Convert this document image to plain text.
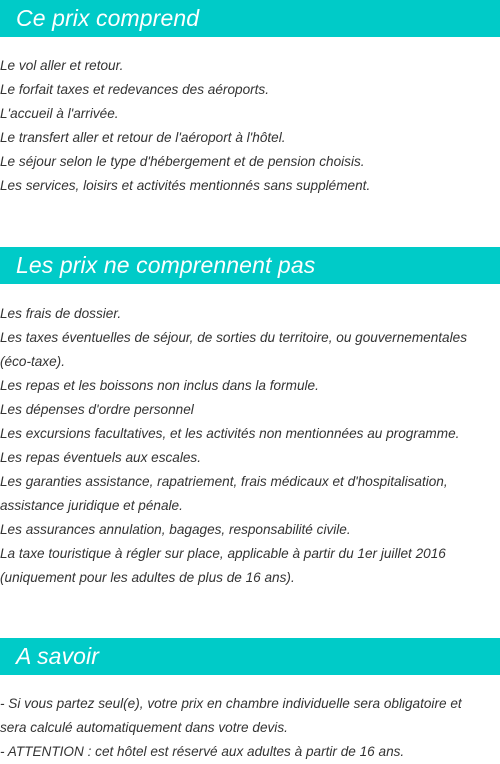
Ce prix comprend
Le vol aller et retour.
Le forfait taxes et redevances des aéroports.
L'accueil à l'arrivée.
Le transfert aller et retour de l'aéroport à l'hôtel.
Le séjour selon le type d'hébergement et de pension choisis.
Les services, loisirs et activités mentionnés sans supplément.
Les prix ne comprennent pas
Les frais de dossier.
Les taxes éventuelles de séjour, de sorties du territoire, ou gouvernementales
(éco-taxe).
Les repas et les boissons non inclus dans la formule.
Les dépenses d'ordre personnel
Les excursions facultatives, et les activités non mentionnées au programme.
Les repas éventuels aux escales.
Les garanties assistance, rapatriement, frais médicaux et d'hospitalisation,
assistance juridique et pénale.
Les assurances annulation, bagages, responsabilité civile.
La taxe touristique à régler sur place, applicable à partir du 1er juillet 2016
(uniquement pour les adultes de plus de 16 ans).
A savoir
- Si vous partez seul(e), votre prix en chambre individuelle sera obligatoire et
sera calculé automatiquement dans votre devis.
- ATTENTION : cet hôtel est réservé aux adultes à partir de 16 ans.
